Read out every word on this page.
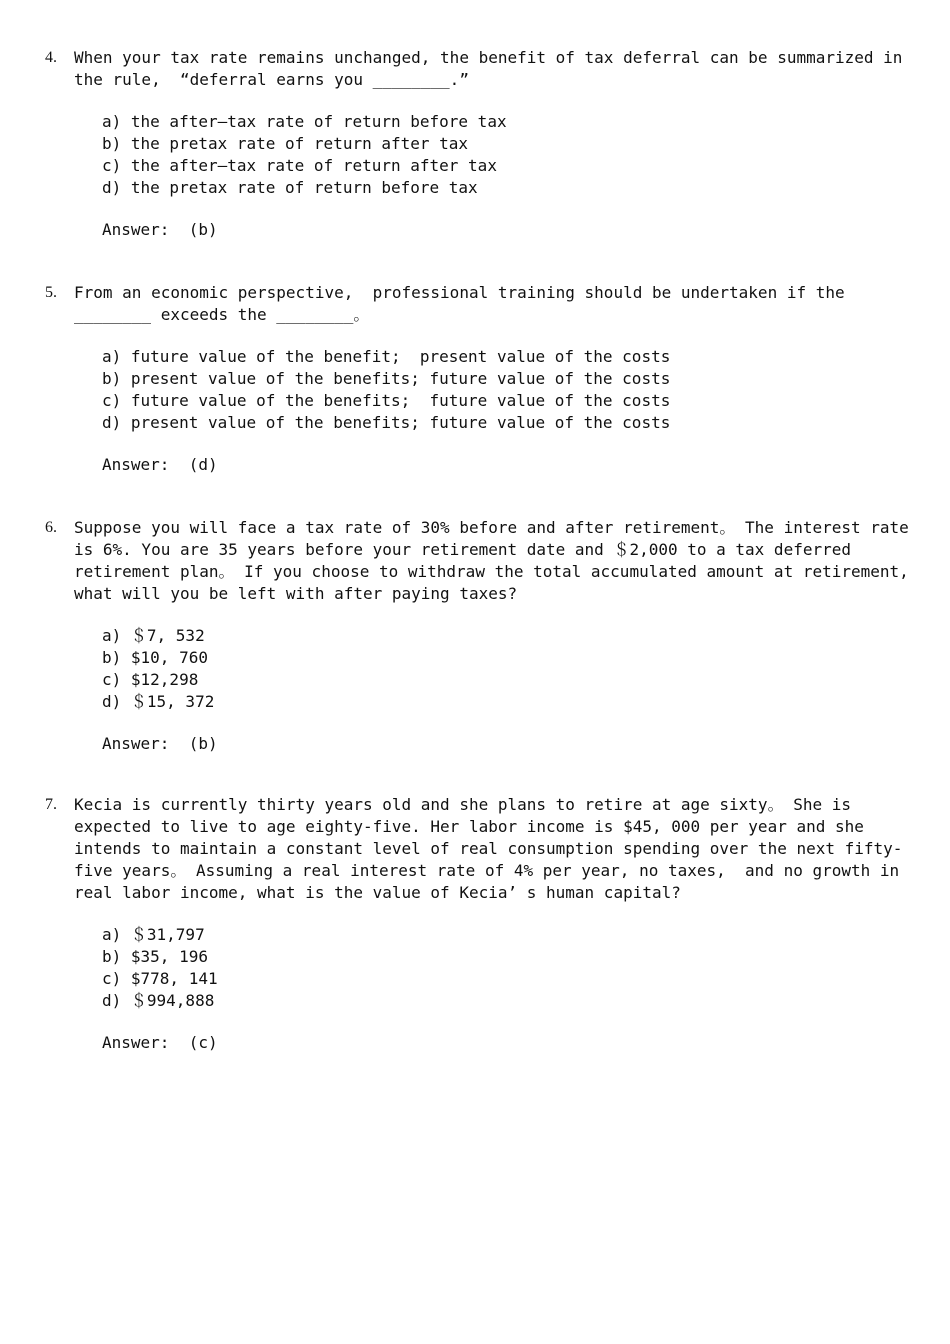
4. When your tax rate remains unchanged, the benefit of tax deferral can be summarized in the rule,  “deferral earns you ________.”
a) the after—tax rate of return before tax
b) the pretax rate of return after tax
c) the after—tax rate of return after tax
d) the pretax rate of return before tax
Answer:  (b)
5. From an economic perspective,  professional training should be undertaken if the ________ exceeds the ________。
a) future value of the benefit;  present value of the costs
b) present value of the benefits; future value of the costs
c) future value of the benefits;  future value of the costs
d) present value of the benefits; future value of the costs
Answer:  (d)
6. Suppose you will face a tax rate of 30% before and after retirement。 The interest rate is 6%. You are 35 years before your retirement date and ＄2,000 to a tax deferred retirement plan。 If you choose to withdraw the total accumulated amount at retirement,  what will you be left with after paying taxes?
a) ＄7, 532
b) $10, 760
c) $12,298
d) ＄15, 372
Answer:  (b)
7. Kecia is currently thirty years old and she plans to retire at age sixty。 She is expected to live to age eighty-five. Her labor income is $45, 000 per year and she intends to maintain a constant level of real consumption spending over the next fifty-five years。 Assuming a real interest rate of 4% per year, no taxes,  and no growth in real labor income, what is the value of Kecia’ s human capital?
a) ＄31,797
b) $35, 196
c) $778, 141
d) ＄994,888
Answer:  (c)
